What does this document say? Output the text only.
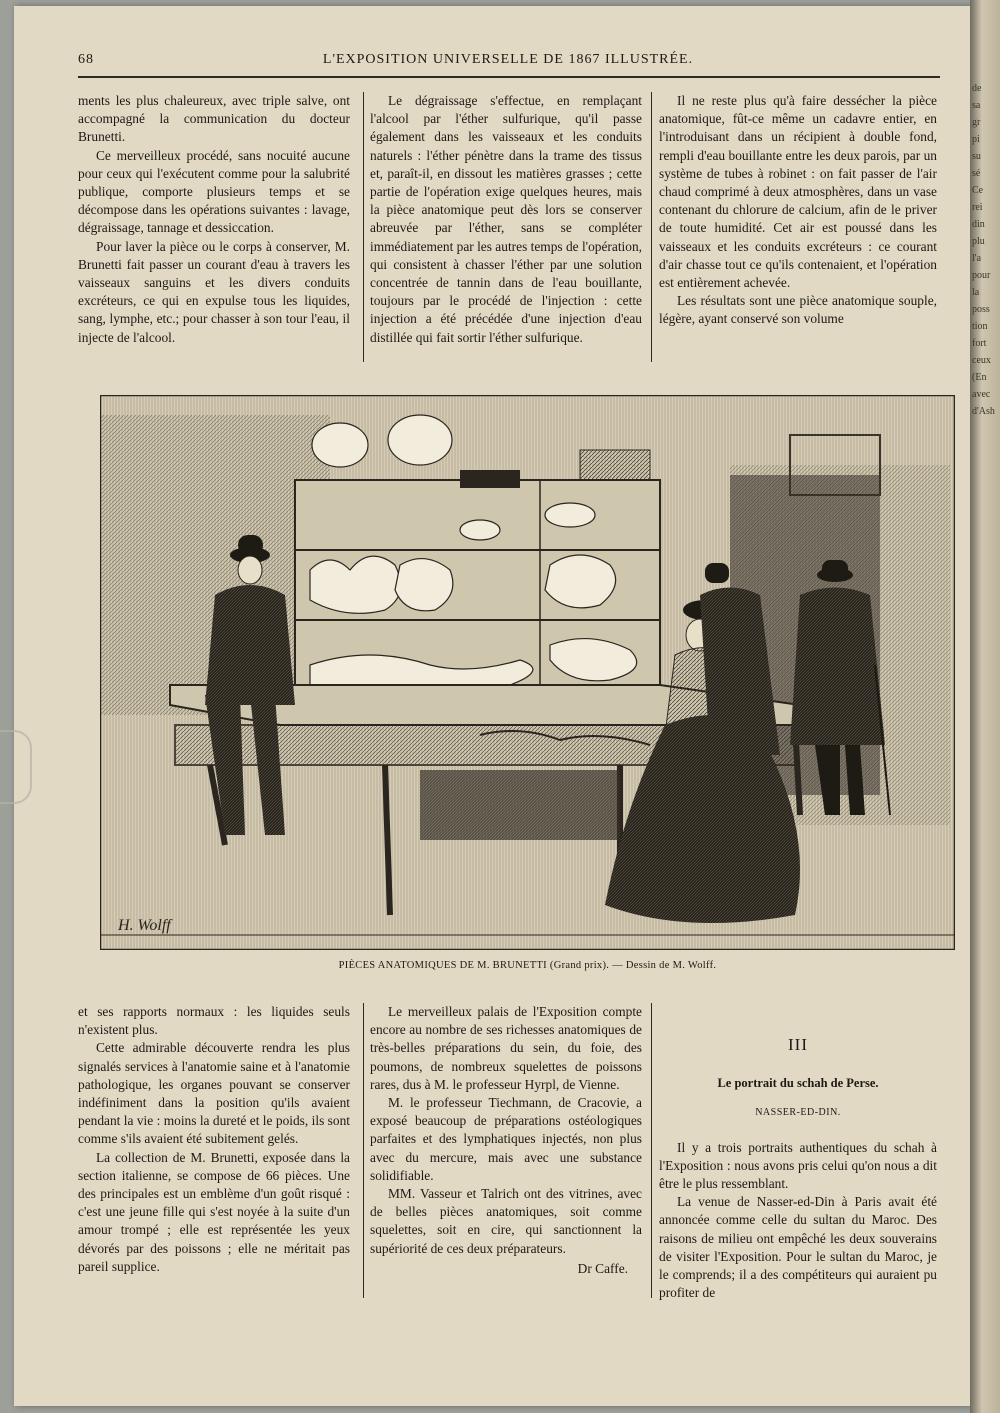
de
sa
gr
pi
su
sé
Ce
rei
din
plu
l'a
pour
la
poss
tion
fort
ceux
(En
avec
d'Ash
68	L'EXPOSITION UNIVERSELLE DE 1867 ILLUSTRÉE.

ments les plus chaleureux, avec triple salve, ont accompagné la communication du docteur Brunetti.

Ce merveilleux procédé, sans nocuité aucune pour ceux qui l'exécutent comme pour la salubrité publique, comporte plusieurs temps et se décompose dans les opérations suivantes : lavage, dégraissage, tannage et dessiccation.

Pour laver la pièce ou le corps à conserver, M. Brunetti fait passer un courant d'eau à travers les vaisseaux sanguins et les divers conduits excréteurs, ce qui en expulse tous les liquides, sang, lymphe, etc.; pour chasser à son tour l'eau, il injecte de l'alcool.

Le dégraissage s'effectue, en remplaçant l'alcool par l'éther sulfurique, qu'il passe également dans les vaisseaux et les conduits naturels : l'éther pénètre dans la trame des tissus et, paraît-il, en dissout les matières grasses ; cette partie de l'opération exige quelques heures, mais la pièce anatomique peut dès lors se conserver abreuvée par l'éther, sans se compléter immédiatement par les autres temps de l'opération, qui consistent à chasser l'éther par une solution concentrée de tannin dans de l'eau bouillante, toujours par le procédé de l'injection : cette injection a été précédée d'une injection d'eau distillée qui fait sortir l'éther sulfurique.

Il ne reste plus qu'à faire dessécher la pièce anatomique, fût-ce même un cadavre entier, en l'introduisant dans un récipient à double fond, rempli d'eau bouillante entre les deux parois, par un système de tubes à robinet : on fait passer de l'air chaud comprimé à deux atmosphères, dans un vase contenant du chlorure de calcium, afin de le priver de toute humidité. Cet air est poussé dans les vaisseaux et les conduits excréteurs : ce courant d'air chasse tout ce qu'ils contenaient, et l'opération est entièrement achevée.

Les résultats sont une pièce anatomique souple, légère, ayant conservé son volume

H. Wolff
PIÈCES ANATOMIQUES DE M. BRUNETTI (Grand prix). — Dessin de M. Wolff.

et ses rapports normaux : les liquides seuls n'existent plus.

Cette admirable découverte rendra les plus signalés services à l'anatomie saine et à l'anatomie pathologique, les organes pouvant se conserver indéfiniment dans la position qu'ils avaient pendant la vie : moins la dureté et le poids, ils sont comme s'ils avaient été subitement gelés.

La collection de M. Brunetti, exposée dans la section italienne, se compose de 66 pièces. Une des principales est un emblème d'un goût risqué : c'est une jeune fille qui s'est noyée à la suite d'un amour trompé ; elle est représentée les yeux dévorés par des poissons ; elle ne méritait pas pareil supplice.

Le merveilleux palais de l'Exposition compte encore au nombre de ses richesses anatomiques de très-belles préparations du sein, du foie, des poumons, de nombreux squelettes de poissons rares, dus à M. le professeur Hyrpl, de Vienne.

M. le professeur Tiechmann, de Cracovie, a exposé beaucoup de préparations ostéologiques parfaites et des lymphatiques injectés, non plus avec du mercure, mais avec une substance solidifiable.

MM. Vasseur et Talrich ont des vitrines, avec de belles pièces anatomiques, soit comme squelettes, soit en cire, qui sanctionnent la supériorité de ces deux préparateurs.

Dr Caffe.
III
Le portrait du schah de Perse.
NASSER-ED-DIN.

Il y a trois portraits authentiques du schah à l'Exposition : nous avons pris celui qu'on nous a dit être le plus ressemblant.

La venue de Nasser-ed-Din à Paris avait été annoncée comme celle du sultan du Maroc. Des raisons de milieu ont empêché les deux souverains de visiter l'Exposition. Pour le sultan du Maroc, je le comprends; il a des compétiteurs qui auraient pu profiter de
